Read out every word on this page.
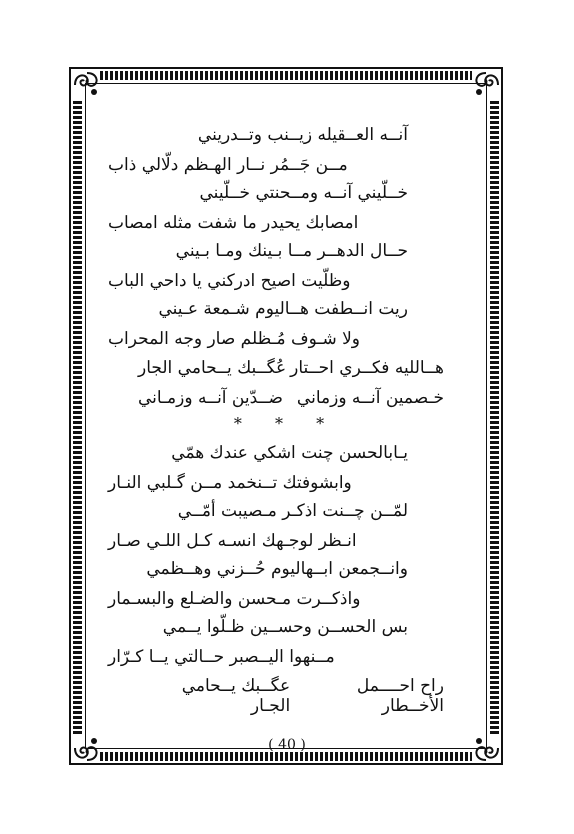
آنــه العــقيله زيــنب وتــدريني
مــن جَــمُر نــار الهـظم دلّالي ذاب
خــلّيني آنــه ومــحنتي خــلّيني
امصابك يحيدر ما شفت مثله امصاب
حــال الدهــر مــا بـينك ومـا بـيني
وظلّيت اصيح ادركني يا داحي الباب
ريت انــطفت هــاليوم شـمعة عـيني
ولا شـوف مُـظلم صار وجه المحراب
هــالليه فكــري احــتار
عُگــبك يــحامي الجار
خـصمين آنــه وزماني
ضــدّين آنــه وزمـاني
* * *
يـابالحسن چنت اشكي عندك همّي
وابشوفتك تــنخمد مــن گـلبي النـار
لمّــن چــنت اذكـر مـصيبت أمّــي
انـظر لوجـهك انسـه كـل اللـي صـار
وانــجمعن ابــهاليوم حُــزني وهــظمي
واذكــرت مـحسن والضـلع والبسـمار
بس الحســن وحســين ظـلّوا يــمي
مــنهوا اليــصبر حــالتي يــا كـرّار
راح احــــمل الأخــطار
عگــبك يــحامي الجـار
( 40 )
